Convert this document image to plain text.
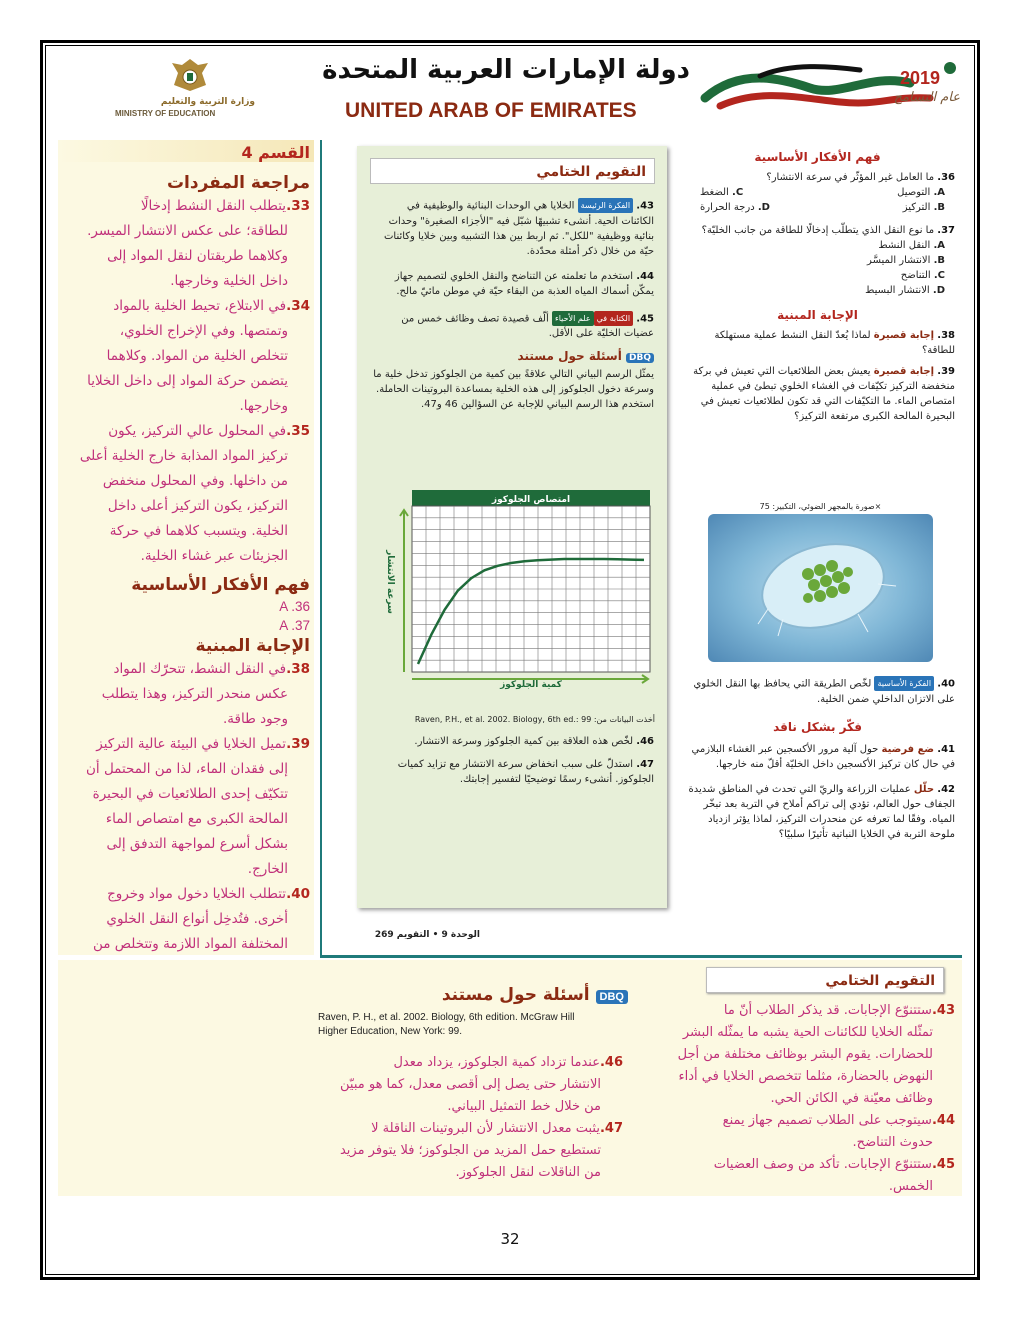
2019
عام التسامح
دولة الإمارات العربية المتحدة
UNITED ARAB OF EMIRATES
وزارة التربية والتعليم
MINISTRY OF EDUCATION
فهم الأفكار الأساسية
36. ما العامل غير المؤثّر في سرعة الانتشار؟
A. التوصيل
C. الضغط
B. التركيز
D. درجة الحرارة
37. ما نوع النقل الذي يتطلّب إدخالًا للطاقة من جانب الخليّة؟
A. النقل النشط
B. الانتشار الميسَّر
C. التناضح
D. الانتشار البسيط
الإجابة المبنية
38. إجابة قصيرة لماذا يُعدّ النقل النشط عملية مستهلكة للطاقة؟
39. إجابة قصيرة يعيش بعض الطلائعيات التي تعيش في بركة منخفضة التركيز تكيّفات في الغشاء الخلوي تبطئ في عملية امتصاص الماء. ما التكيّفات التي قد تكون لطلائعيات تعيش في البحيرة المالحة الكبرى مرتفعة التركيز؟
صورة بالمجهر الضوئي، التكبير: 75×
40. الفكرة الأساسية لخّص الطريقة التي يحافظ بها النقل الخلوي على الاتزان الداخلي ضمن الخلية.
فكّر بشكل ناقد
41. ضع فرضية حول آلية مرور الأكسجين عبر الغشاء البلازمي في حال كان تركيز الأكسجين داخل الخليّة أقلّ منه خارجها.
42. حلّل عمليات الزراعة والريّ التي تحدث في المناطق شديدة الجفاف حول العالم، تؤدي إلى تراكم أملاح في التربة بعد تبخّر المياه. وفقًا لما تعرفه عن منحدرات التركيز، لماذا يؤثر ازدياد ملوحة التربة في الخلايا النباتية تأثيرًا سلبيًا؟
التقويم الختامي
43. الفكرة الرئيسة الخلايا هي الوحدات البنائية والوظيفية في الكائنات الحية. أنشىء تشبيهًا شبّل فيه "الأجزاء الصغيرة" وحدات بنائية ووظيفية "للكل". ثم اربط بين هذا التشبيه وبين خلايا وكائنات حيّة من خلال ذكر أمثلة محدّدة.
44. استخدم ما تعلمته عن التناضح والنقل الخلوي لتصميم جهاز يمكّن أسماك المياه العذبة من البقاء حيّة في موطن مائيّ مالح.
45. الكتابة فيعلم الأحياء ألّف قصيدة تصف وظائف خمس من عضيات الخليّة على الأقل.
DBQ أسئلة حول مستند
يمثّل الرسم البياني التالي علاقةً بين كمية من الجلوكوز تدخل خلية ما وسرعة دخول الجلوكوز إلى هذه الخلية بمساعدة البروتينات الحاملة. استخدم هذا الرسم البياني للإجابة عن السؤالين 46 و47.
امتصاص الجلوكوز
كمية الجلوكوز
سرعة الانتشار
أخذت البيانات من: Raven, P.H., et al. 2002. Biology, 6th ed.: 99
46. لخّص هذه العلاقة بين كمية الجلوكوز وسرعة الانتشار.
47. استدلّ على سبب انخفاض سرعة الانتشار مع تزايد كميات الجلوكوز. أنشىء رسمًا توضيحيًا لتفسير إجابتك.
الوحدة 9 • التقويم 269
القسم 4
مراجعة المفردات
33.يتطلب النقل النشط إدخالًا
للطاقة؛ على عكس الانتشار الميسر.
وكلاهما طريقتان لنقل المواد إلى
داخل الخلية وخارجها.
34.في الابتلاع، تحيط الخلية بالمواد
وتمتصها. وفي الإخراج الخلوي،
تتخلص الخلية من المواد. وكلاهما
يتضمن حركة المواد إلى داخل الخلايا
وخارجها.
35.في المحلول عالي التركيز، يكون
تركيز المواد المذابة خارج الخلية أعلى
من داخلها. وفي المحلول منخفض
التركيز، يكون التركيز أعلى داخل
الخلية. ويتسبب كلاهما في حركة
الجزيئات عبر غشاء الخلية.
فهم الأفكار الأساسية
A .36
A .37
الإجابة المبنية
38.في النقل النشط، تتحرّك المواد
عكس منحدر التركيز، وهذا يتطلب
وجود طاقة.
39.تميل الخلايا في البيئة عالية التركيز
إلى فقدان الماء، لذا من المحتمل أن
تتكيّف إحدى الطلائعيات في البحيرة
المالحة الكبرى مع امتصاص الماء
بشكل أسرع لمواجهة التدفق إلى
الخارج.
40.تتطلب الخلايا دخول مواد وخروج
أخرى. فتُدخِل أنواع النقل الخلوي
المختلفة المواد اللازمة وتتخلص من
التقويم الختامي
43.ستتنوّع الإجابات. قد يذكر الطلاب أنّ ما
تمثّله الخلايا للكائنات الحية يشبه ما يمثّله البشر
للحضارات. يقوم البشر بوظائف مختلفة من أجل
النهوض بالحضارة، مثلما تتخصص الخلايا في أداء
وظائف معيّنة في الكائن الحي.
44.سيتوجب على الطلاب تصميم جهاز يمنع
حدوث التناضح.
45.ستتنوّع الإجابات. تأكد من وصف العضيات
الخمس.
DBQ أسئلة حول مستند
Raven, P. H., et al. 2002. Biology, 6th edition. McGraw Hill
Higher Education, New York: 99.
46.عندما تزداد كمية الجلوكوز، يزداد معدل
الانتشار حتى يصل إلى أقصى معدل، كما هو مبيّن
من خلال خط التمثيل البياني.
47.يثبت معدل الانتشار لأن البروتينات الناقلة لا
تستطيع حمل المزيد من الجلوكوز؛ فلا يتوفر مزيد
من الناقلات لنقل الجلوكوز.
32
